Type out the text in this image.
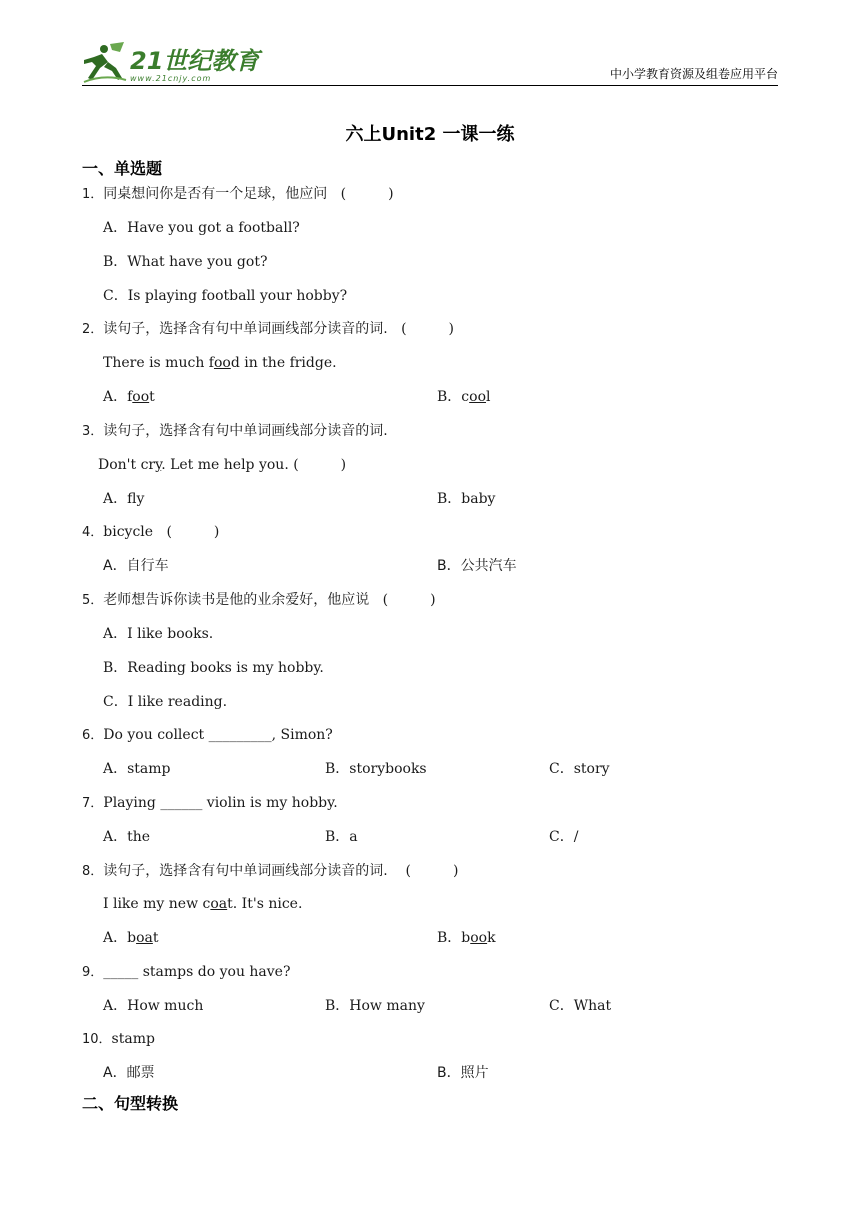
21世纪教育
www.21cnjy.com	中小学教育资源及组卷应用平台
六上Unit2 一课一练
一、单选题
1．同桌想问你是否有一个足球，他应问 (　　　)
A．Have you got a football?
B．What have you got?
C．Is playing football your hobby?
2．读句子，选择含有句中单词画线部分读音的词. (　　　)
There is much food in the fridge.
A．foot	B．cool
3．读句子，选择含有句中单词画线部分读音的词.
Don't cry. Let me help you. (　　　)
A．fly	B．baby
4．bicycle (　　　)
A．自行车	B．公共汽车
5．老师想告诉你读书是他的业余爱好，他应说 (　　　)
A．I like books.
B．Reading books is my hobby.
C．I like reading.
6．Do you collect _________, Simon?
A．stamp	B．storybooks	C．story
7．Playing ______ violin is my hobby.
A．the	B．a	C．/
8．读句子，选择含有句中单词画线部分读音的词. (　　　)
I like my new coat. It's nice.
A．boat	B．book
9．_____ stamps do you have?
A．How much	B．How many	C．What
10．stamp
A．邮票	B．照片
二、句型转换
